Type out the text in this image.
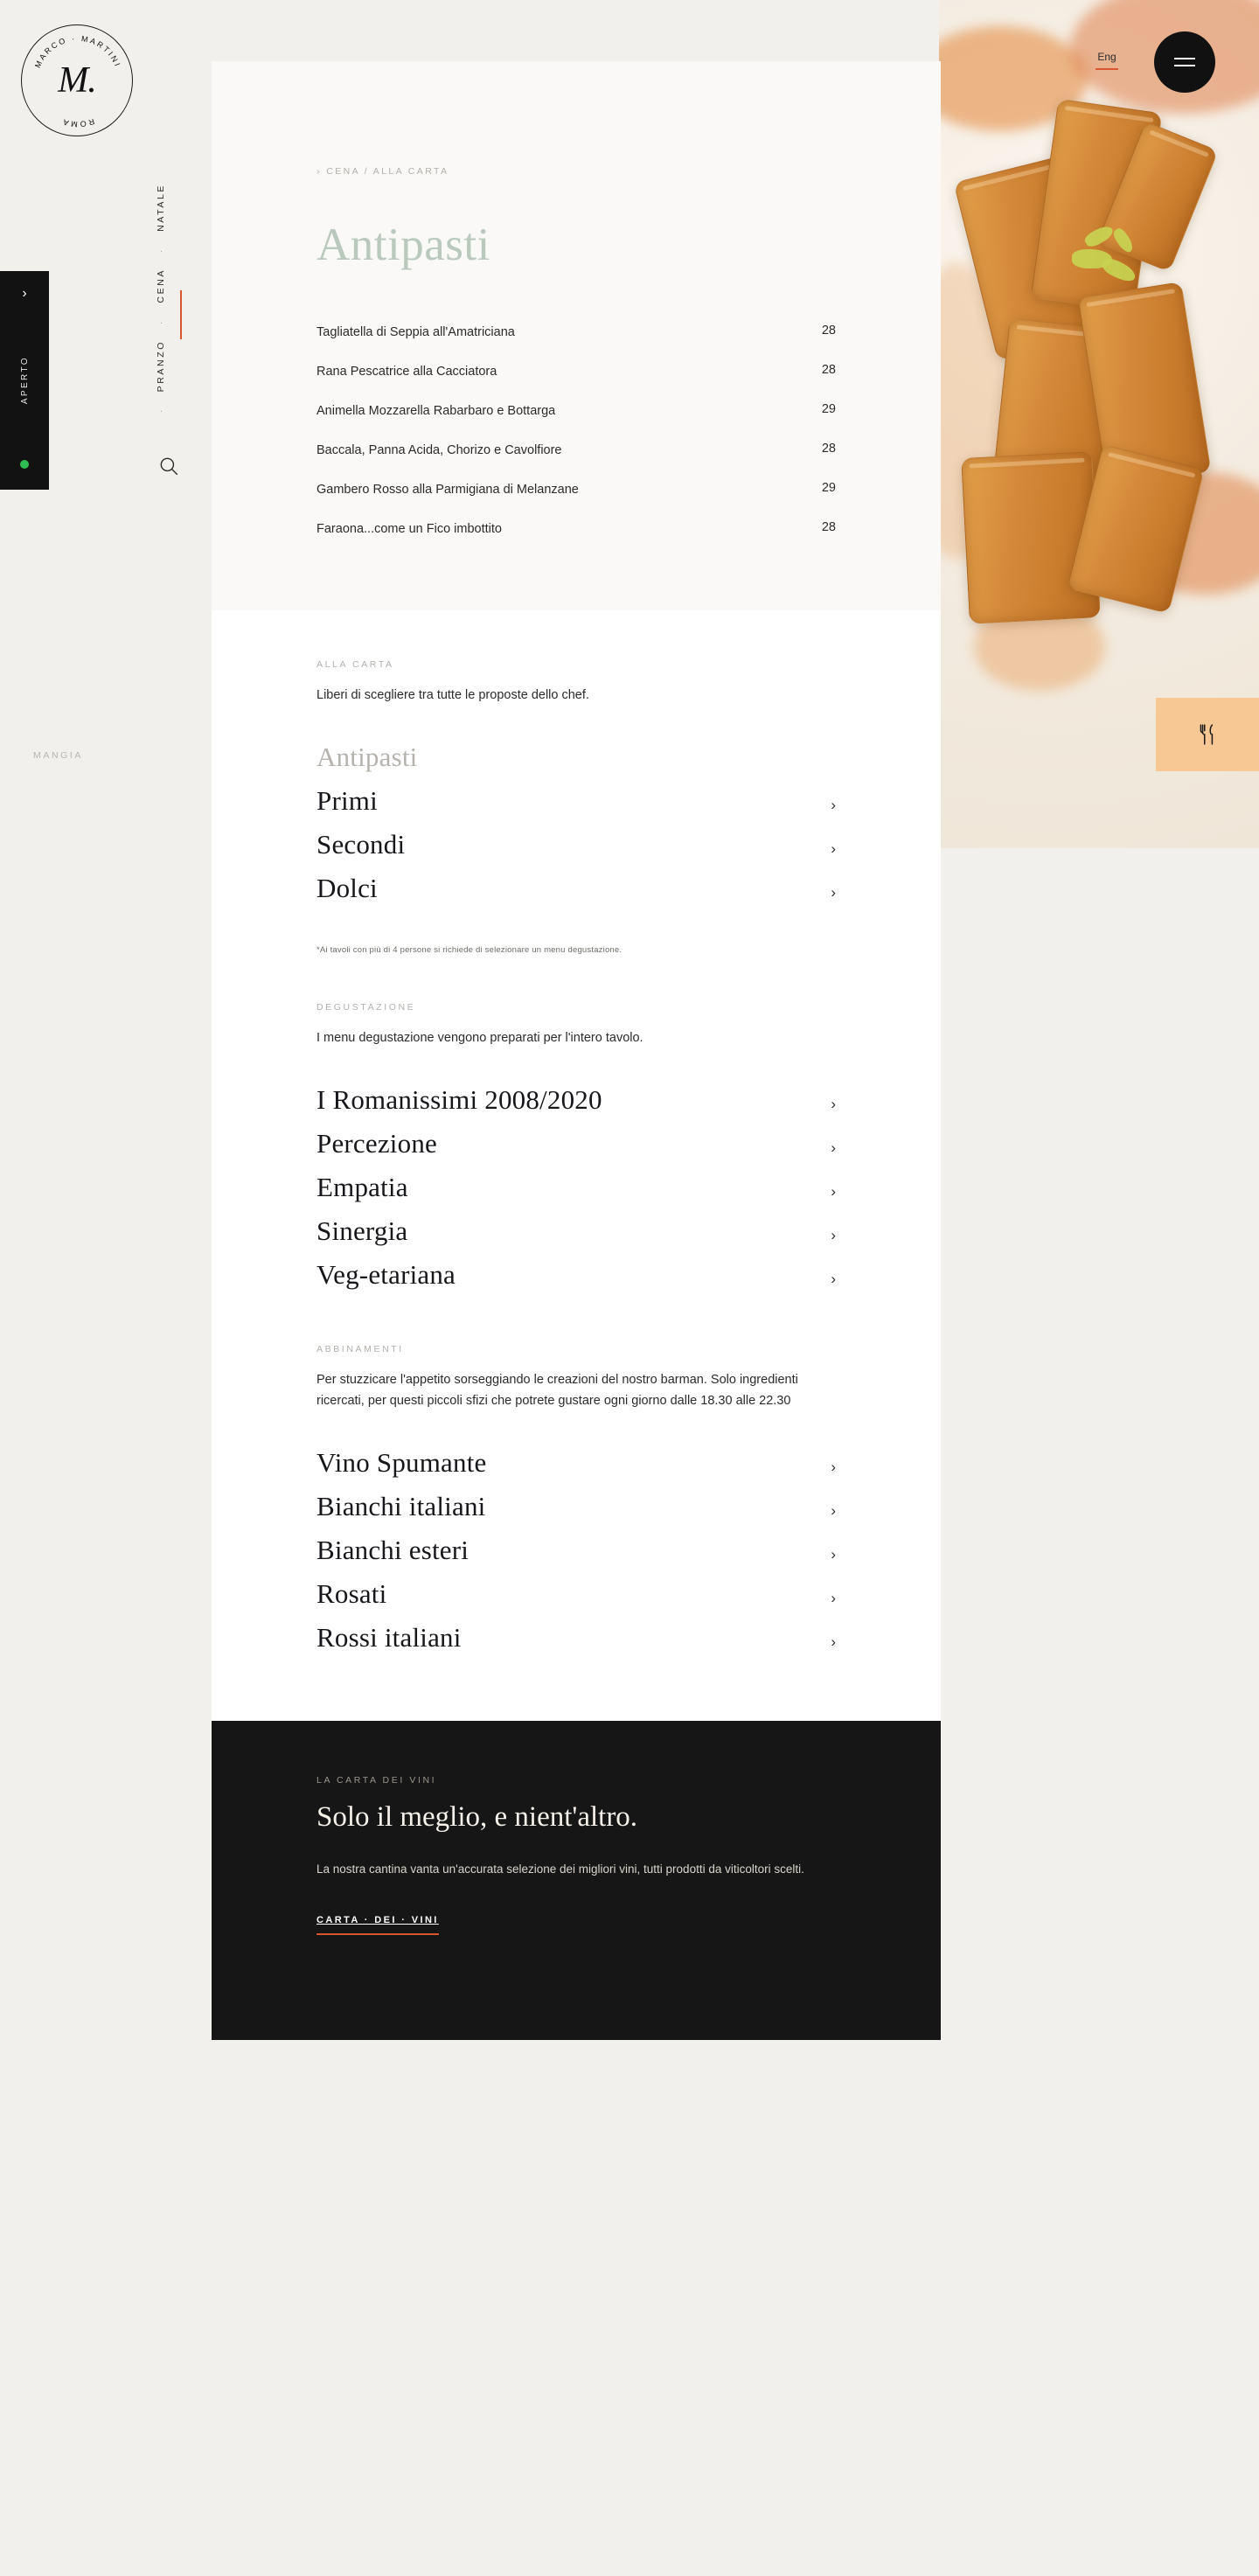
MARCO · MARTINI
ROMA
M.
›
APERTO
NATALE
·
CENA
·
PRANZO
·
MANGIA
Eng
› CENA / ALLA CARTA
Antipasti
Tagliatella di Seppia all'Amatriciana	28
Rana Pescatrice alla Cacciatora	28
Animella Mozzarella Rabarbaro e Bottarga	29
Baccala, Panna Acida, Chorizo e Cavolfiore	28
Gambero Rosso alla Parmigiana di Melanzane	29
Faraona...come un Fico imbottito	28
ALLA CARTA

Liberi di scegliere tra tutte le proposte dello chef.

Antipasti
Primi	›
Secondi	›
Dolci	›

*Ai tavoli con più di 4 persone si richiede di selezionare un menu degustazione.

DEGUSTAZIONE

I menu degustazione vengono preparati per l'intero tavolo.

I Romanissimi 2008/2020	›
Percezione	›
Empatia	›
Sinergia	›
Veg-etariana	›
ABBINAMENTI

Per stuzzicare l'appetito sorseggiando le creazioni del nostro barman. Solo ingredienti ricercati, per questi piccoli sfizi che potrete gustare ogni giorno dalle 18.30 alle 22.30

Vino Spumante	›
Bianchi italiani	›
Bianchi esteri	›
Rosati	›
Rossi italiani	›
LA CARTA DEI VINI
Solo il meglio, e nient'altro.

La nostra cantina vanta un'accurata selezione dei migliori vini, tutti prodotti da viticoltori scelti.

CARTA · DEI · VINI
